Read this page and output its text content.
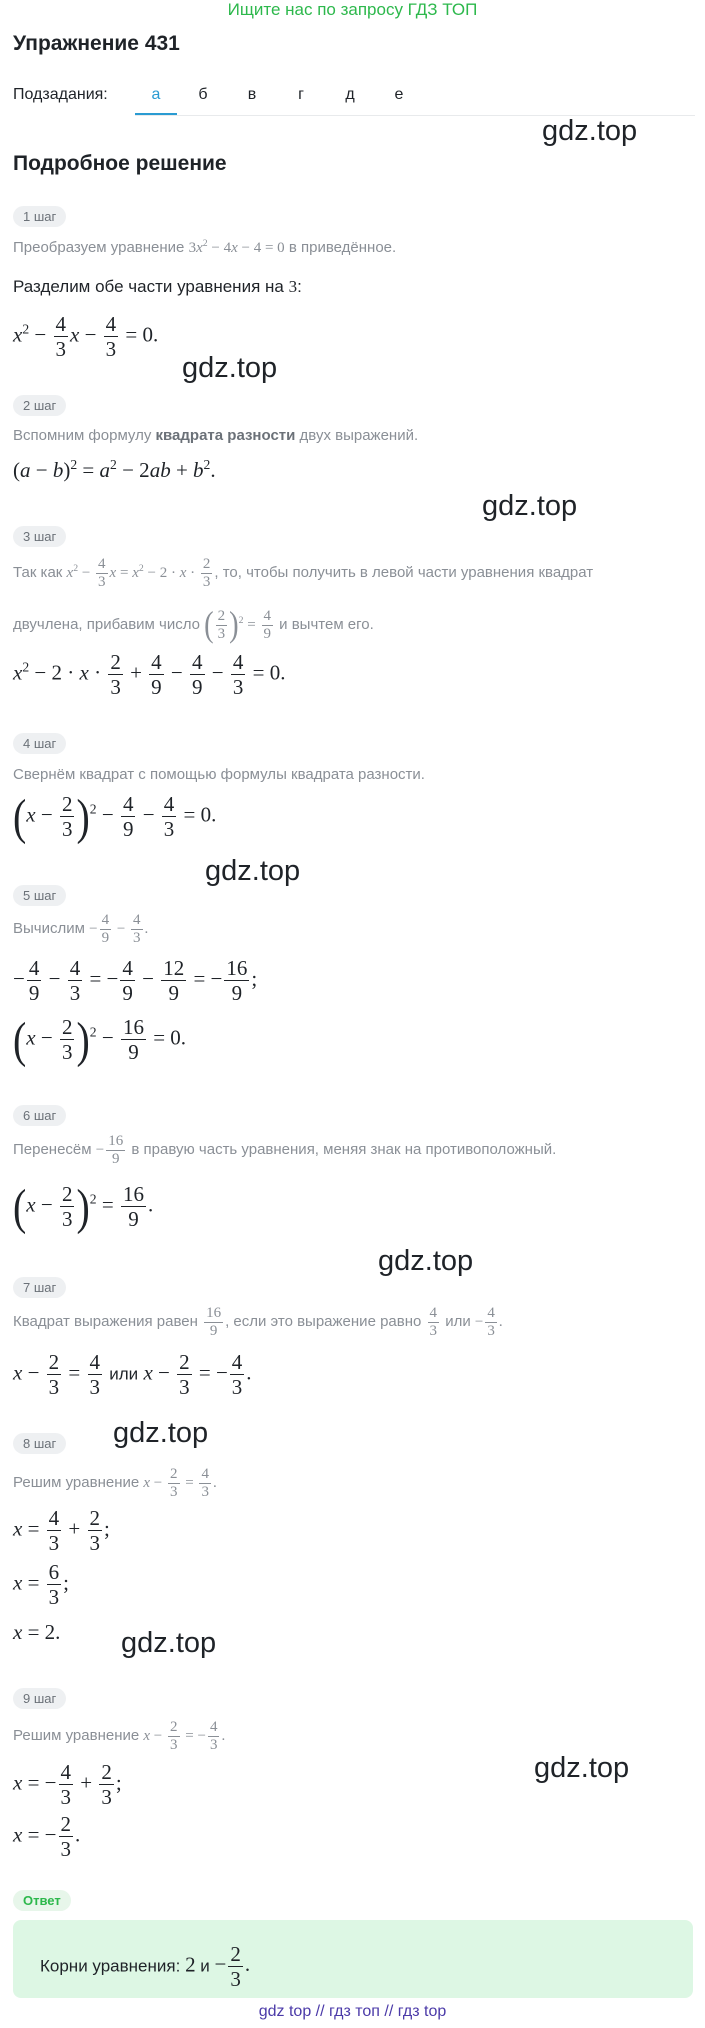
Ищите нас по запросу ГДЗ ТОП
Упражнение 431
Подзадания:	а	б	в	г	д	е
Подробное решение
gdz.top
gdz.top
gdz.top
gdz.top
gdz.top
gdz.top
gdz.top
gdz.top
1 шаг
Преобразуем уравнение $3x^2 - 4x - 4 = 0$ в приведённое.
Разделим обе части уравнения на 3:
$x^2 - \frac{4}{3}$ $x - \frac{4}{3} = 0$.
2 шаг
Вспомним формулу квадрата разности двух выражений.
$(a - b)^2 = a^2 - 2ab + b^2$.
3 шаг
Так как $x^2 - \frac{4}{3}$ $x = x^2 - 2 \cdot x \cdot \frac{2}{3}$ , то, чтобы получить в левой части уравнения квадрат
двучлена, прибавим число ( $\frac{2}{3} )^2 = \frac{4}{9}$ и вычтем его.
$x^2 - 2 \cdot x \cdot \frac{2}{3} + \frac{4}{9} - \frac{4}{9} - \frac{4}{3} = 0$.
4 шаг
Свернём квадрат с помощью формулы квадрата разности.
$(x - \frac{2}{3} )^2 - \frac{4}{9} - \frac{4}{3} = 0$.
5 шаг
Вычислим − $\frac{4}{9} - \frac{4}{3}$ .
− $\frac{4}{9} - \frac{4}{3}$ = − $\frac{4}{9} - \frac{12}{9}$ = − $\frac{16}{9}$ ;
$(x - \frac{2}{3} )^2 - \frac{16}{9} = 0$.
6 шаг
Перенесём − $\frac{16}{9}$ в правую часть уравнения, меняя знак на противоположный.
$(x - \frac{2}{3} )^2 = \frac{16}{9}$ .
7 шаг
Квадрат выражения равен $\frac{16}{9}$ , если это выражение равно $\frac{4}{3}$ или − $\frac{4}{3}$ .
$x - \frac{2}{3} = \frac{4}{3}$ или $x - \frac{2}{3}$ = − $\frac{4}{3}$ .
8 шаг
Решим уравнение $x - \frac{2}{3} = \frac{4}{3}$ .
$x = \frac{4}{3} + \frac{2}{3}$ ;
$x = \frac{6}{3}$ ;
x = 2.
9 шаг
Решим уравнение $x - \frac{2}{3}$ = − $\frac{4}{3}$ .
x = − $\frac{4}{3} + \frac{2}{3}$ ;
x = − $\frac{2}{3}$ .
Ответ
Корни уравнения: 2 $и - \frac{2}{3}$ .
gdz top // гдз топ // гдз top
